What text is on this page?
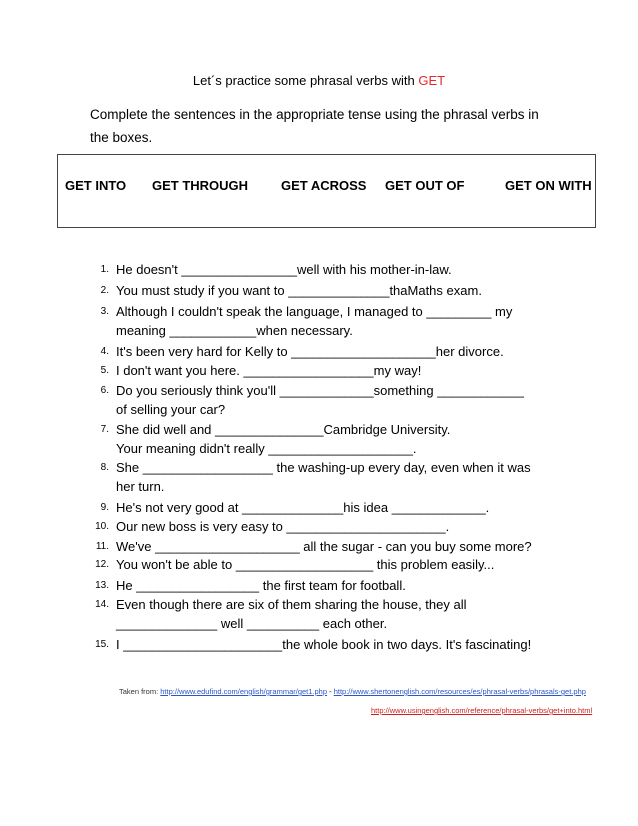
Let´s practice some phrasal verbs with GET
Complete the sentences in the appropriate tense using the phrasal verbs in the boxes.
GET INTO GET THROUGH	GET ACROSS GET OUT OF	GET ON WITH
1. He doesn't ________________well with his mother-in-law.
2. You must study if you want to ______________thaMaths exam.
3. Although I couldn't speak the language, I managed to _________ my
meaning ____________when necessary.
4. It's been very hard for Kelly to ____________________her divorce.
5. I don't want you here. __________________my way!
6. Do you seriously think you'll _____________something ____________
of selling your car?
7. She did well and _______________Cambridge University.
Your meaning didn't really ____________________.
8. She __________________ the washing-up every day, even when it was
her turn.
9. He's not very good at ______________his idea _____________.
10. Our new boss is very easy to ______________________.
11. We've ____________________ all the sugar - can you buy some more?
12. You won't be able to ___________________ this problem easily...
13. He _________________ the first team for football.
14. Even though there are six of them sharing the house, they all
______________ well __________ each other.
15. I ______________________the whole book in two days. It's fascinating!
Taken from: http://www.edufind.com/english/grammar/get1.php - http://www.shertonenglish.com/resources/es/phrasal-verbs/phrasals-get.php
http://www.usingenglish.com/reference/phrasal-verbs/get+into.html
